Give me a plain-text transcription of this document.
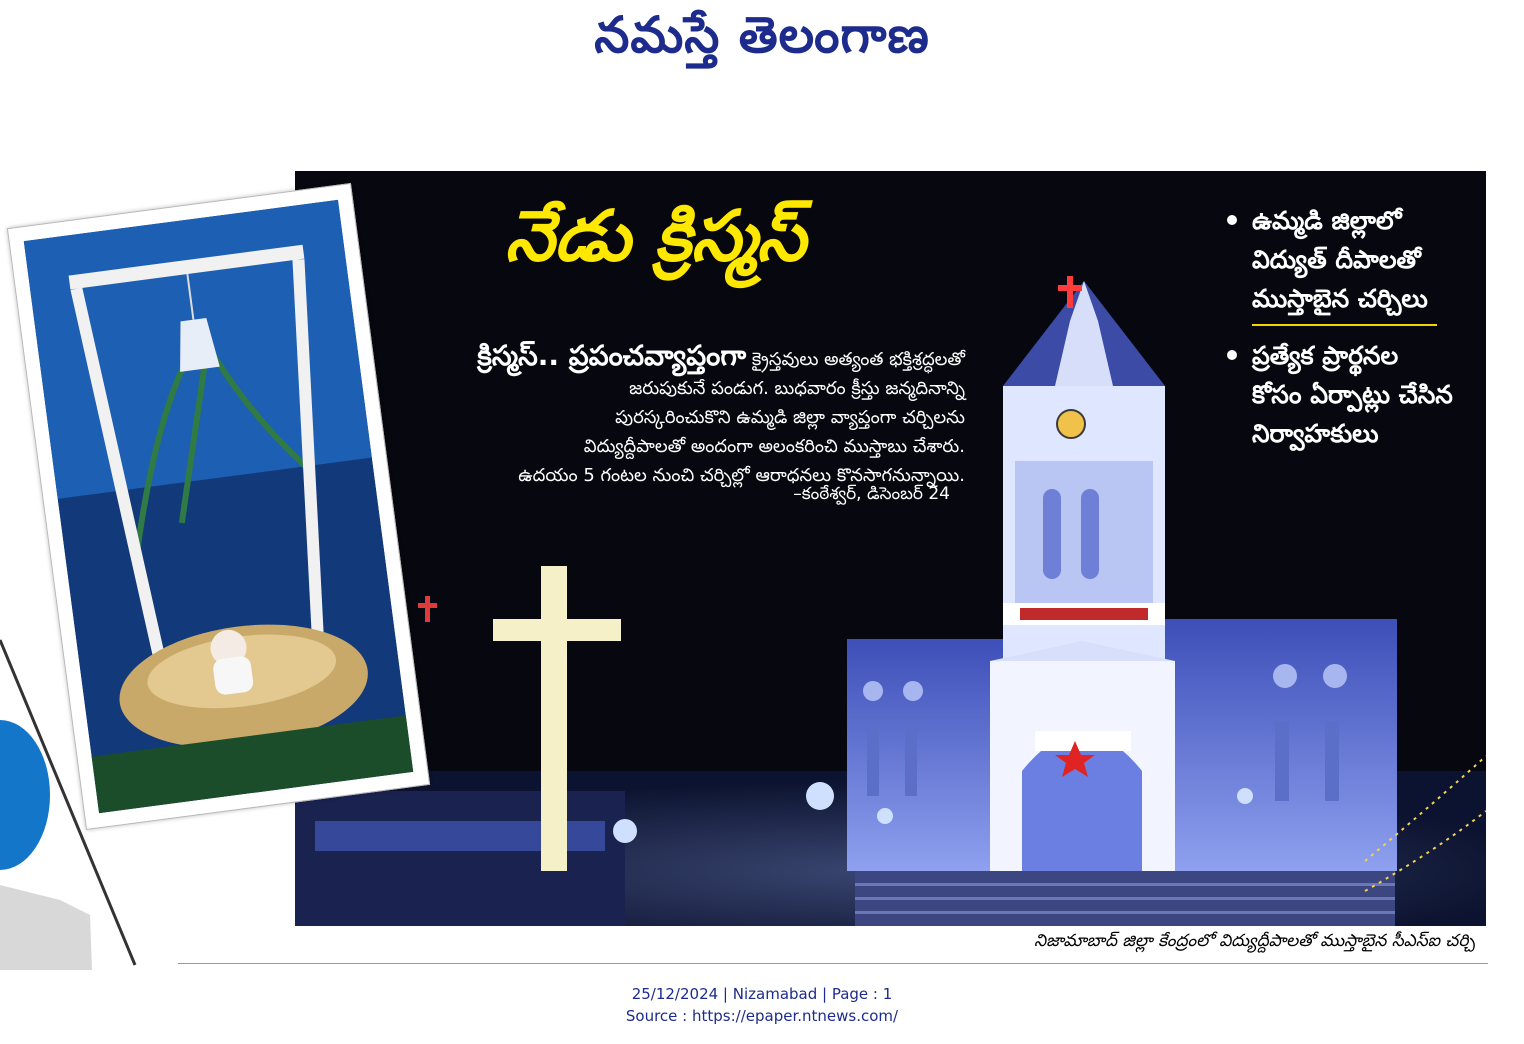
నమస్తే తెలంగాణ
నేడు క్రిస్మస్
క్రిస్మస్.. ప్రపంచవ్యాప్తంగా క్రైస్తవులు అత్యంత భక్తిశ్రద్ధలతో
జరుపుకునే పండుగ. బుధవారం క్రీస్తు జన్మదినాన్ని
పురస్కరించుకొని ఉమ్మడి జిల్లా వ్యాప్తంగా చర్చిలను
విద్యుద్దీపాలతో అందంగా అలంకరించి ముస్తాబు చేశారు.
ఉదయం 5 గంటల నుంచి చర్చిల్లో ఆరాధనలు కొనసాగనున్నాయి.
–కంఠేశ్వర్, డిసెంబర్ 24
ఉమ్మడి జిల్లాలో
విద్యుత్ దీపాలతో
ముస్తాబైన చర్చిలు
ప్రత్యేక ప్రార్థనల
కోసం ఏర్పాట్లు చేసిన
నిర్వాహకులు
నిజామాబాద్ జిల్లా కేంద్రంలో విద్యుద్దీపాలతో ముస్తాబైన సీఎస్ఐ చర్చి
25/12/2024 | Nizamabad | Page : 1
Source : https://epaper.ntnews.com/
